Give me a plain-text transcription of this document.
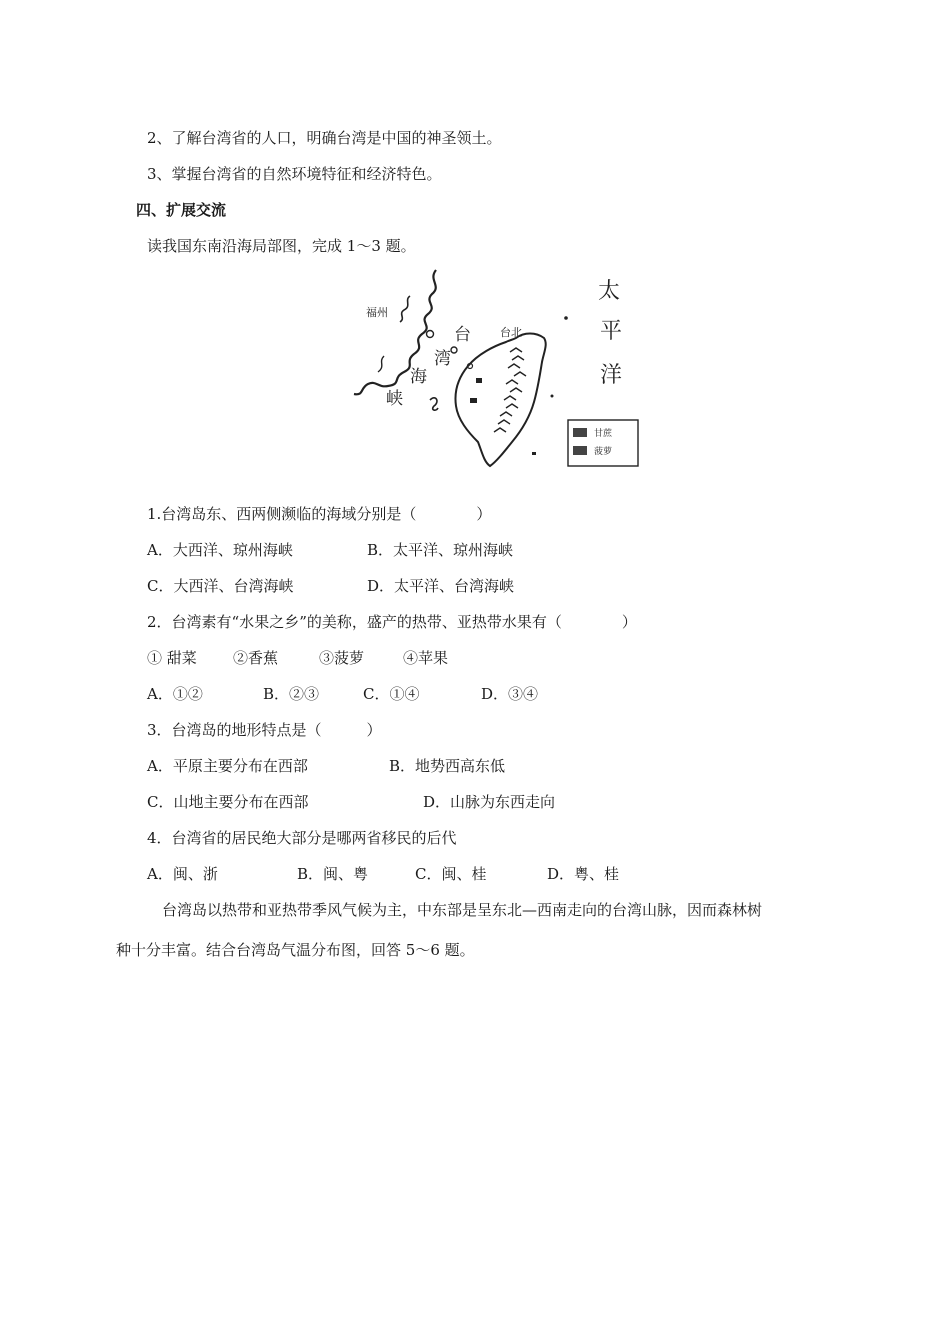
2、了解台湾省的人口，明确台湾是中国的神圣领土。
3、掌握台湾省的自然环境特征和经济特色。
四、扩展交流
读我国东南沿海局部图，完成 1～3 题。
太
平
洋
台
湾
海
峡
台北
福州
甘蔗
菠萝
1.台湾岛东、西两侧濒临的海域分别是（　　　　）
A．大西洋、琼州海峡	B．太平洋、琼州海峡
C．大西洋、台湾海峡	D．太平洋、台湾海峡
2．台湾素有“水果之乡”的美称，盛产的热带、亚热带水果有（　　　　）
① 甜菜 ②香蕉	③菠萝	④苹果
A．①②	B．②③	C．①④	D．③④
3．台湾岛的地形特点是（　　　）
A．平原主要分布在西部	B．地势西高东低
C．山地主要分布在西部	D．山脉为东西走向
4．台湾省的居民绝大部分是哪两省移民的后代
A．闽、浙	B．闽、粤	C．闽、桂	D．粤、桂
台湾岛以热带和亚热带季风气候为主，中东部是呈东北—西南走向的台湾山脉，因而森林树
种十分丰富。结合台湾岛气温分布图，回答 5～6 题。
